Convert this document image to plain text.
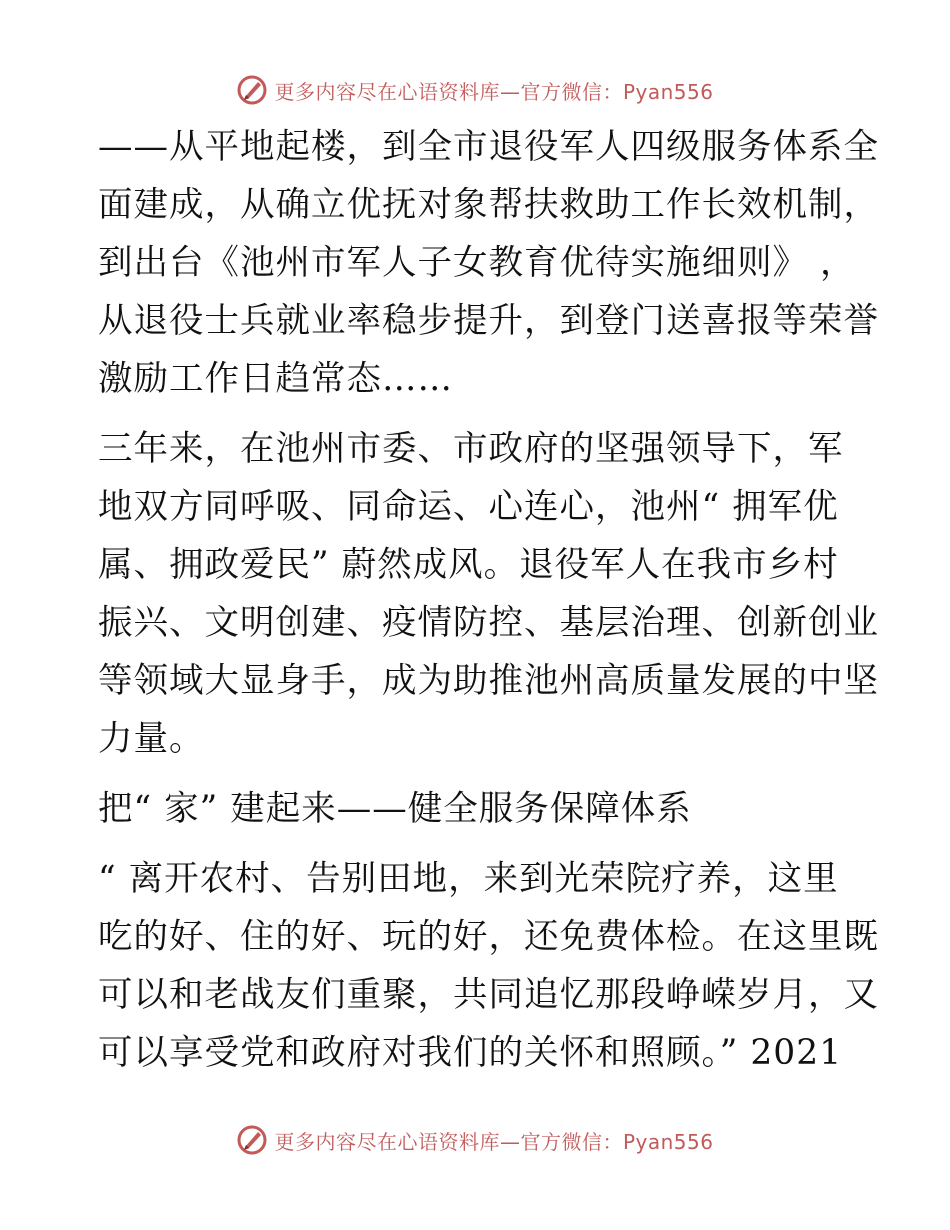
更多内容尽在心语资料库—官方微信：Pyan556
——从平地起楼，到全市退役军人四级服务体系全
面建成，从确立优抚对象帮扶救助工作长效机制，
到出台《池州市军人子女教育优待实施细则》 ，
从退役士兵就业率稳步提升，到登门送喜报等荣誉
激励工作日趋常态……
三年来，在池州市委、市政府的坚强领导下，军
地双方同呼吸、同命运、心连心，池州“ 拥军优
属、拥政爱民” 蔚然成风。退役军人在我市乡村
振兴、文明创建、疫情防控、基层治理、创新创业
等领域大显身手，成为助推池州高质量发展的中坚
力量。
把“ 家” 建起来——健全服务保障体系
“ 离开农村、告别田地，来到光荣院疗养，这里
吃的好、住的好、玩的好，还免费体检。在这里既
可以和老战友们重聚，共同追忆那段峥嵘岁月，又
可以享受党和政府对我们的关怀和照顾。” 2021
更多内容尽在心语资料库—官方微信：Pyan556
